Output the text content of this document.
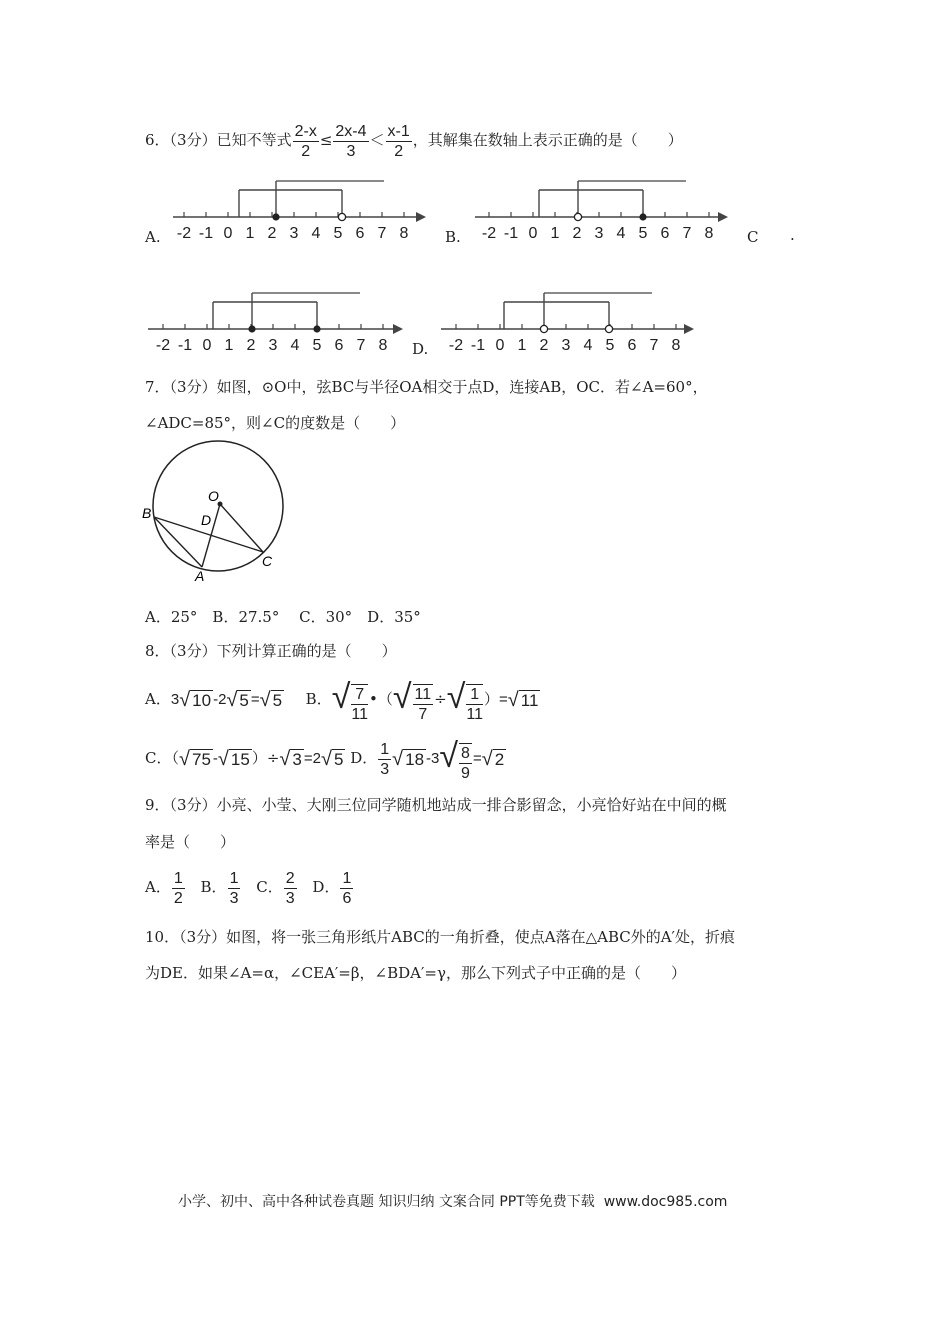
6．（3分）已知不等式 $\frac{2-x}{2} \le \frac{2x-4}{3} < \frac{x-1}{2}$ ，其解集在数轴上表示正确的是（　　）
-2 -1 0 1 2 3 4 5 6 7 8
A.	-2 -1 0 1 2 3 4 5 6 7 8
B.	C .
-2 -1 0 1 2 3 4 5 6 7 8 D. -2 -1 0 1 2 3 4 5 6 7 8
7．（3分）如图，⊙O中，弦BC与半径OA相交于点D，连接AB，OC．若∠A=60°，
∠ADC=85°，则∠C的度数是（　　）
O
B	D
A
C
A．25°　B．27.5°　 C．30°　D．35°
8．（3分）下列计算正确的是（　　）
A．3√ 10 -2√ 5 =√ 5 B．√ $\frac{7}{11}$ •（√ $\frac{11}{7}$ ÷√ $\frac{1}{11}$ ）=√ 11
C．（√ 75 -√ 15 ）÷√ 3 =2√ 5 D． $\frac{1}{3}$ √ 18 $-3√ \frac{8}{9}$ =√ 2
9．（3分）小亮、小莹、大刚三位同学随机地站成一排合影留念，小亮恰好站在中间的概
率是（　　）
A． $\frac{1}{2}$ B． $\frac{1}{3}$ C． $\frac{2}{3}$ D． $\frac{1}{6}$
10．（3分）如图，将一张三角形纸片ABC的一角折叠，使点A落在△ABC外的A′处，折痕
为DE．如果∠A=α，∠CEA′=β，∠BDA′=γ，那么下列式子中正确的是（　　）
小学、初中、高中各种试卷真题 知识归纳 文案合同 PPT等免费下载 www.doc985.com
